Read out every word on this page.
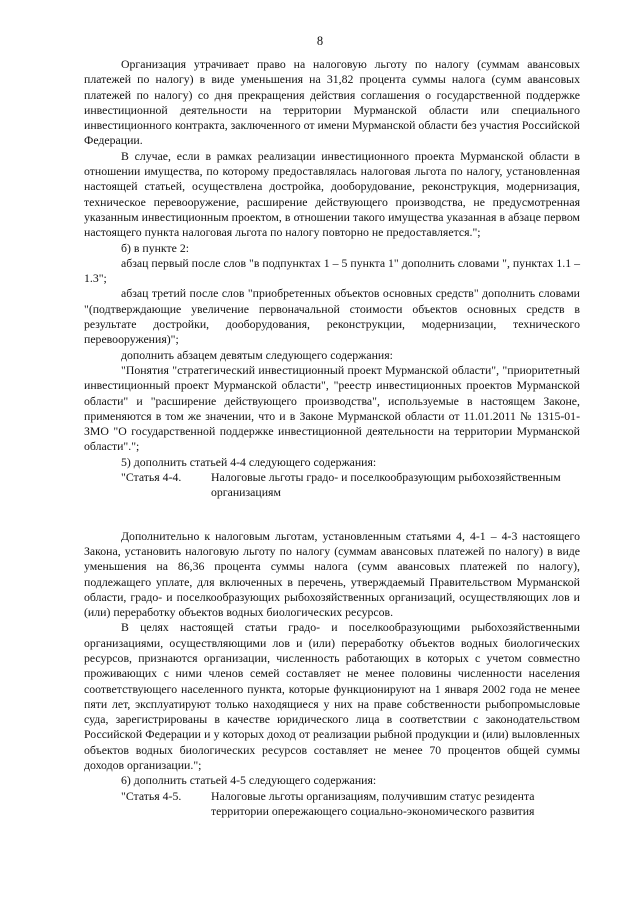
8

Организация утрачивает право на налоговую льготу по налогу (суммам авансовых платежей по налогу) в виде уменьшения на 31,82 процента суммы налога (сумм авансовых платежей по налогу) со дня прекращения действия соглашения о государственной поддержке инвестиционной деятельности на территории Мурманской области или специального инвестиционного контракта, заключенного от имени Мурманской области без участия Российской Федерации.

В случае, если в рамках реализации инвестиционного проекта Мурманской области в отношении имущества, по которому предоставлялась налоговая льгота по налогу, установленная настоящей статьей, осуществлена достройка, дооборудование, реконструкция, модернизация, техническое перевооружение, расширение действующего производства, не предусмотренная указанным инвестиционным проектом, в отношении такого имущества указанная в абзаце первом настоящего пункта налоговая льгота по налогу повторно не предоставляется.";

б) в пункте 2:

абзац первый после слов "в подпунктах 1 – 5 пункта 1" дополнить словами ", пунктах 1.1 – 1.3";

абзац третий после слов "приобретенных объектов основных средств" дополнить словами "(подтверждающие увеличение первоначальной стоимости объектов основных средств в результате достройки, дооборудования, реконструкции, модернизации, технического перевооружения)";

дополнить абзацем девятым следующего содержания:

"Понятия "стратегический инвестиционный проект Мурманской области", "приоритетный инвестиционный проект Мурманской области", "реестр инвестиционных проектов Мурманской области" и "расширение действующего производства", используемые в настоящем Законе, применяются в том же значении, что и в Законе Мурманской области от 11.01.2011 № 1315-01-ЗМО "О государственной поддержке инвестиционной деятельности на территории Мурманской области".";

5) дополнить статьей 4-4 следующего содержания:

"Статья 4-4.	Налоговые льготы градо- и поселкообразующим рыбохозяйственным организациям

Дополнительно к налоговым льготам, установленным статьями 4, 4-1 – 4-3 настоящего Закона, установить налоговую льготу по налогу (суммам авансовых платежей по налогу) в виде уменьшения на 86,36 процента суммы налога (сумм авансовых платежей по налогу), подлежащего уплате, для включенных в перечень, утверждаемый Правительством Мурманской области, градо- и поселкообразующих рыбохозяйственных организаций, осуществляющих лов и (или) переработку объектов водных биологических ресурсов.

В целях настоящей статьи градо- и поселкообразующими рыбохозяйственными организациями, осуществляющими лов и (или) переработку объектов водных биологических ресурсов, признаются организации, численность работающих в которых с учетом совместно проживающих с ними членов семей составляет не менее половины численности населения соответствующего населенного пункта, которые функционируют на 1 января 2002 года не менее пяти лет, эксплуатируют только находящиеся у них на праве собственности рыбопромысловые суда, зарегистрированы в качестве юридического лица в соответствии с законодательством Российской Федерации и у которых доход от реализации рыбной продукции и (или) выловленных объектов водных биологических ресурсов составляет не менее 70 процентов общей суммы доходов организации.";

6) дополнить статьей 4-5 следующего содержания:

"Статья 4-5.	Налоговые льготы организациям, получившим статус резидента территории опережающего социально-экономического развития
